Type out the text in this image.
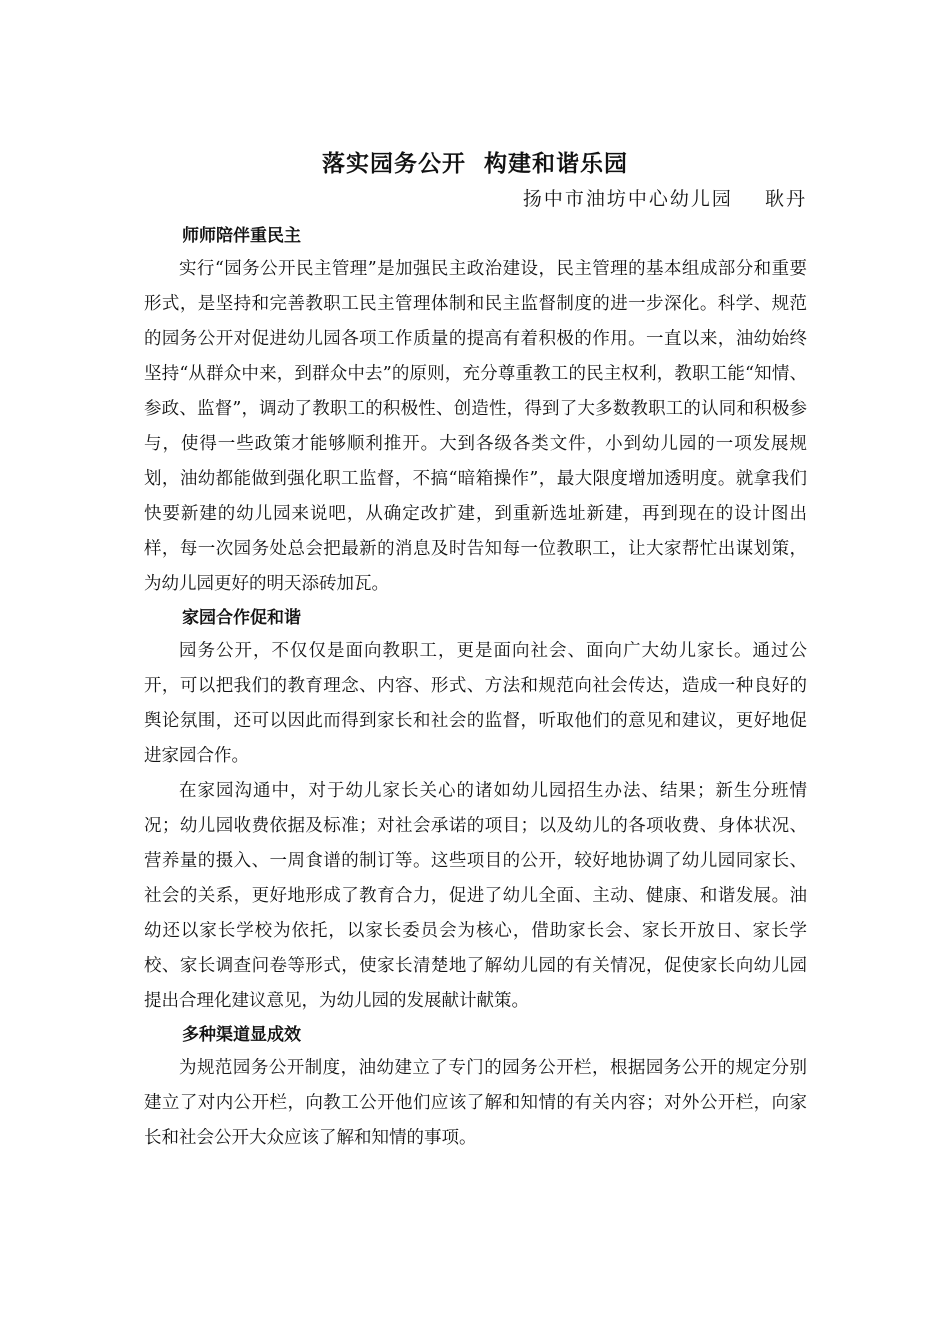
落实园务公开  构建和谐乐园
扬中市油坊中心幼儿园    耿丹
师师陪伴重民主

实行“园务公开民主管理”是加强民主政治建设，民主管理的基本组成部分和重要形式，是坚持和完善教职工民主管理体制和民主监督制度的进一步深化。科学、规范的园务公开对促进幼儿园各项工作质量的提高有着积极的作用。一直以来，油幼始终坚持“从群众中来，到群众中去”的原则，充分尊重教工的民主权利，教职工能“知情、参政、监督”，调动了教职工的积极性、创造性，得到了大多数教职工的认同和积极参与，使得一些政策才能够顺利推开。大到各级各类文件，小到幼儿园的一项发展规划，油幼都能做到强化职工监督，不搞“暗箱操作”，最大限度增加透明度。就拿我们快要新建的幼儿园来说吧，从确定改扩建，到重新选址新建，再到现在的设计图出样，每一次园务处总会把最新的消息及时告知每一位教职工，让大家帮忙出谋划策，为幼儿园更好的明天添砖加瓦。

家园合作促和谐

园务公开，不仅仅是面向教职工，更是面向社会、面向广大幼儿家长。通过公开，可以把我们的教育理念、内容、形式、方法和规范向社会传达，造成一种良好的舆论氛围，还可以因此而得到家长和社会的监督，听取他们的意见和建议，更好地促进家园合作。

在家园沟通中，对于幼儿家长关心的诸如幼儿园招生办法、结果；新生分班情况；幼儿园收费依据及标准；对社会承诺的项目；以及幼儿的各项收费、身体状况、营养量的摄入、一周食谱的制订等。这些项目的公开，较好地协调了幼儿园同家长、社会的关系，更好地形成了教育合力，促进了幼儿全面、主动、健康、和谐发展。油幼还以家长学校为依托，以家长委员会为核心，借助家长会、家长开放日、家长学校、家长调查问卷等形式，使家长清楚地了解幼儿园的有关情况，促使家长向幼儿园提出合理化建议意见，为幼儿园的发展献计献策。

多种渠道显成效

为规范园务公开制度，油幼建立了专门的园务公开栏，根据园务公开的规定分别建立了对内公开栏，向教工公开他们应该了解和知情的有关内容；对外公开栏，向家长和社会公开大众应该了解和知情的事项。
